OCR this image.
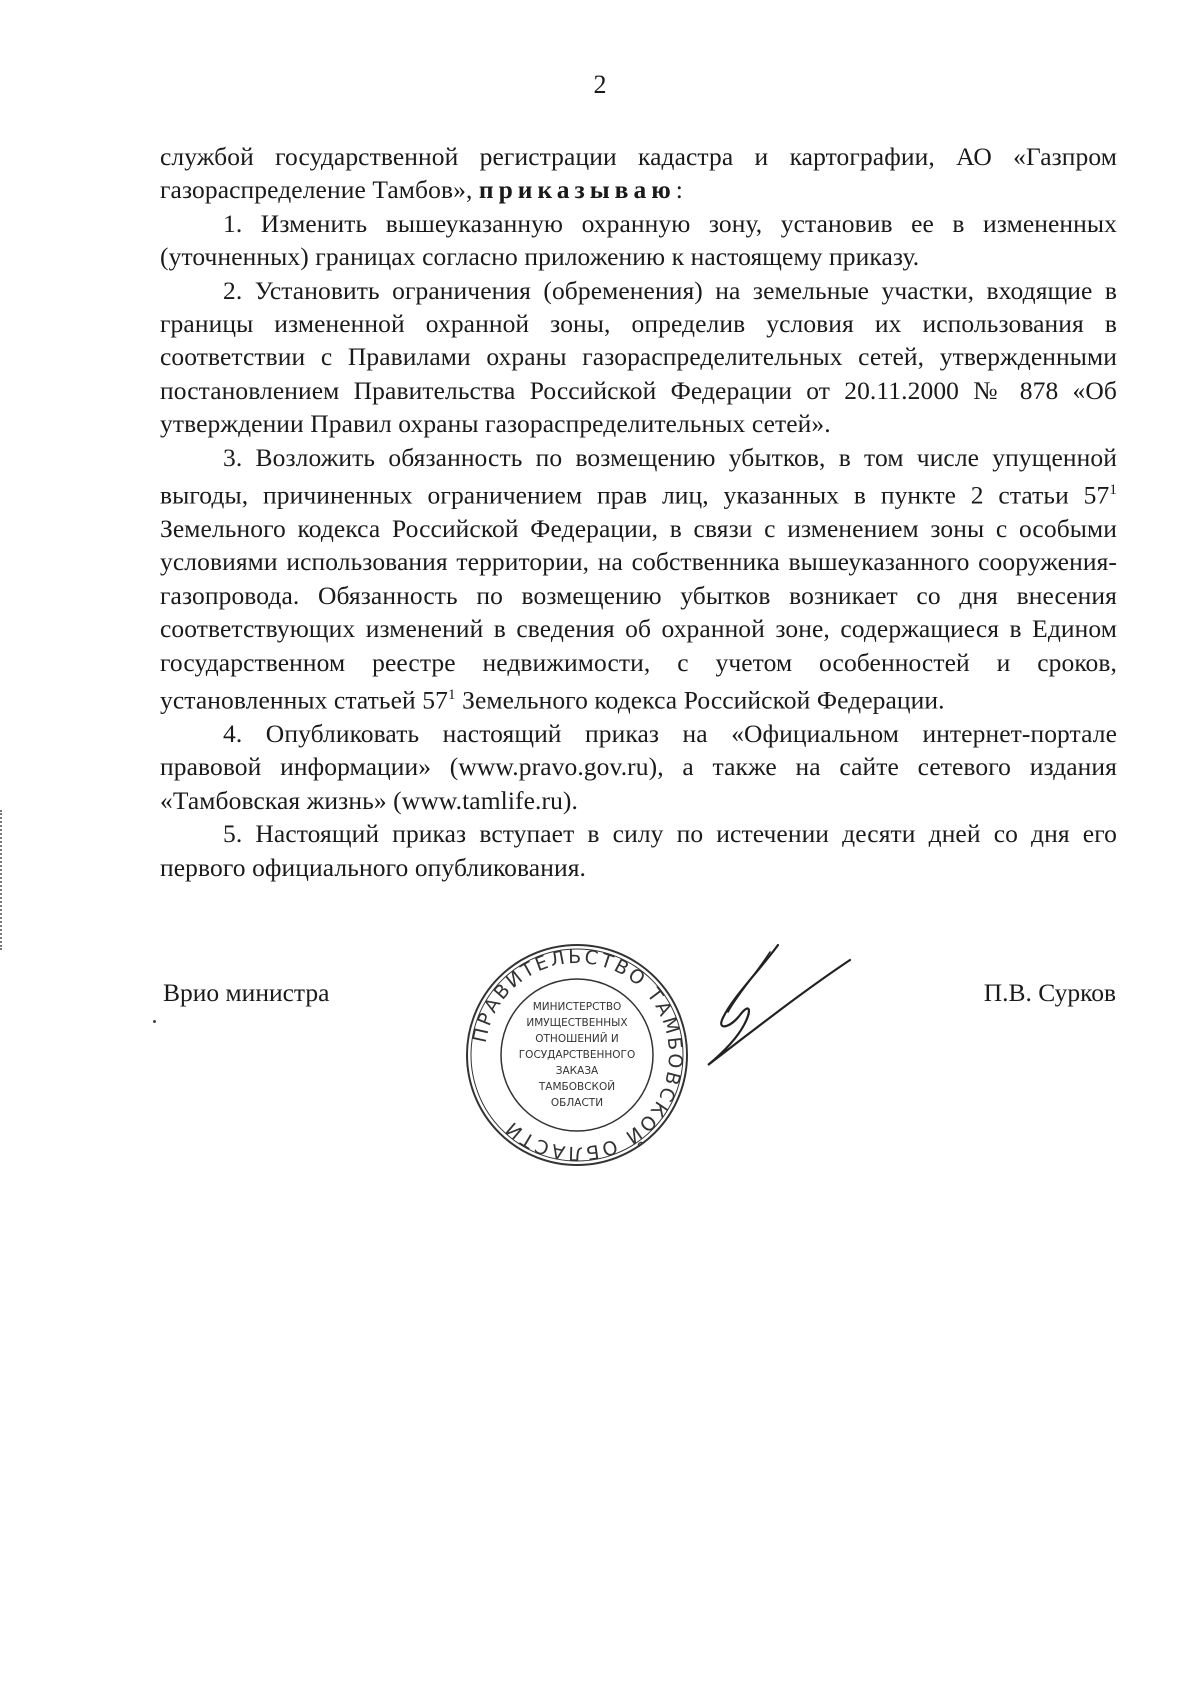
2

службой государственной регистрации кадастра и картографии, АО «Газпром газораспределение Тамбов», приказываю:

1. Изменить вышеуказанную охранную зону, установив ее в измененных (уточненных) границах согласно приложению к настоящему приказу.

2. Установить ограничения (обременения) на земельные участки, входящие в границы измененной охранной зоны, определив условия их использования в соответствии с Правилами охраны газораспределительных сетей, утвержденными постановлением Правительства Российской Федерации от 20.11.2000 № 878 «Об утверждении Правил охраны газораспределительных сетей».

3. Возложить обязанность по возмещению убытков, в том числе упущенной выгоды, причиненных ограничением прав лиц, указанных в пункте 2 статьи $57^1$ Земельного кодекса Российской Федерации, в связи с изменением зоны с особыми условиями использования территории, на собственника вышеуказанного сооружения-газопровода. Обязанность по возмещению убытков возникает со дня внесения соответствующих изменений в сведения об охранной зоне, содержащиеся в Едином государственном реестре недвижимости, с учетом особенностей и сроков, установленных статьей $57^1$ Земельного кодекса Российской Федерации.

4. Опубликовать настоящий приказ на «Официальном интернет-портале правовой информации» (www.pravo.gov.ru), а также на сайте сетевого издания «Тамбовская жизнь» (www.tamlife.ru).

5. Настоящий приказ вступает в силу по истечении десяти дней со дня его первого официального опубликования.

Врио министра	П.В. Сурков
ПРАВИТЕЛЬСТВО ТАМБОВСКОЙ ОБЛАСТИ
МИНИСТЕРСТВО
ИМУЩЕСТВЕННЫХ
ОТНОШЕНИЙ И
ГОСУДАРСТВЕННОГО
ЗАКАЗА
ТАМБОВСКОЙ
ОБЛАСТИ
